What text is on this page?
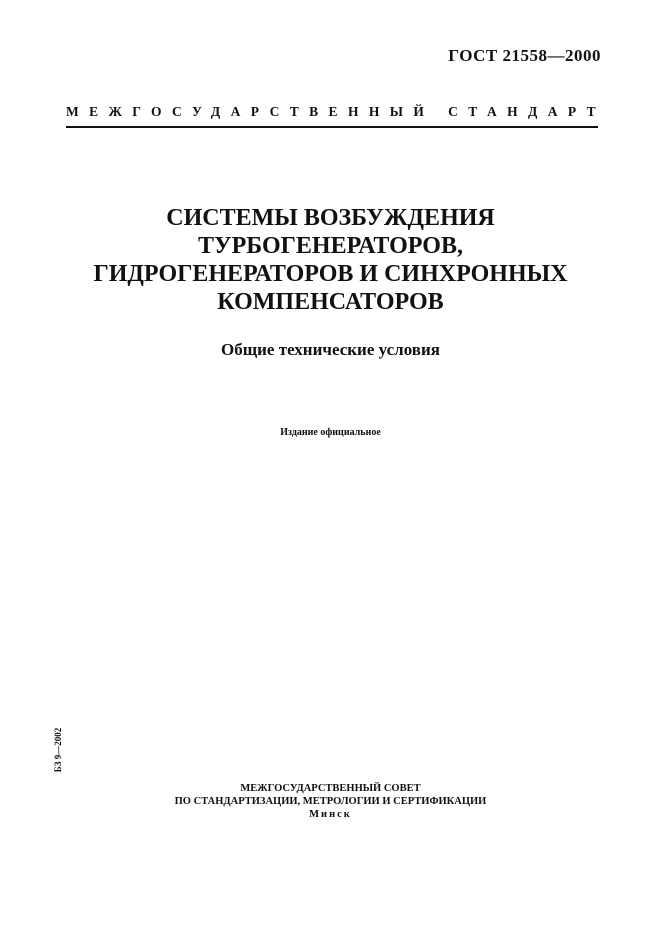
ГОСТ 21558—2000
МЕЖГОСУДАРСТВЕННЫЙ СТАНДАРТ
СИСТЕМЫ ВОЗБУЖДЕНИЯ
ТУРБОГЕНЕРАТОРОВ,
ГИДРОГЕНЕРАТОРОВ И СИНХРОННЫХ
КОМПЕНСАТОРОВ
Общие технические условия
Издание официальное
БЗ 9—2002
МЕЖГОСУДАРСТВЕННЫЙ СОВЕТ
ПО СТАНДАРТИЗАЦИИ, МЕТРОЛОГИИ И СЕРТИФИКАЦИИ
Минск
